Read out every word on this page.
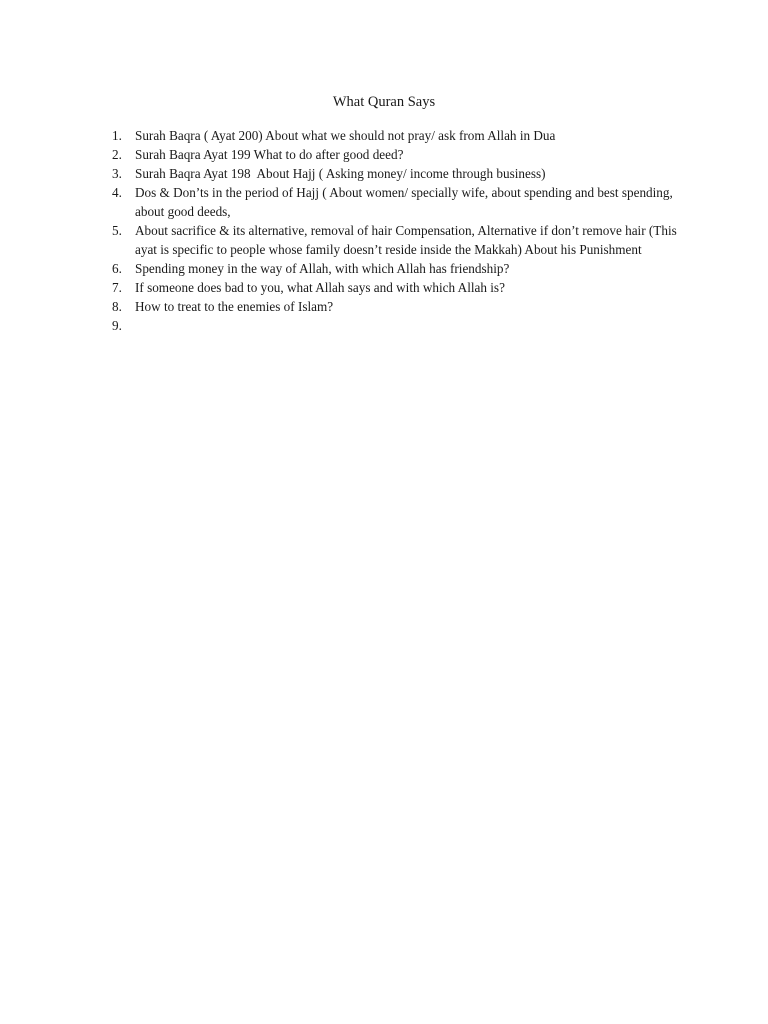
What Quran Says
1. Surah Baqra ( Ayat 200) About what we should not pray/ ask from Allah in Dua
2. Surah Baqra Ayat 199 What to do after good deed?
3. Surah Baqra Ayat 198  About Hajj ( Asking money/ income through business)
4. Dos & Don’ts in the period of Hajj ( About women/ specially wife, about spending and best spending, about good deeds,
5. About sacrifice & its alternative, removal of hair Compensation, Alternative if don’t remove hair (This ayat is specific to people whose family doesn’t reside inside the Makkah) About his Punishment
6. Spending money in the way of Allah, with which Allah has friendship?
7. If someone does bad to you, what Allah says and with which Allah is?
8. How to treat to the enemies of Islam?
9.
